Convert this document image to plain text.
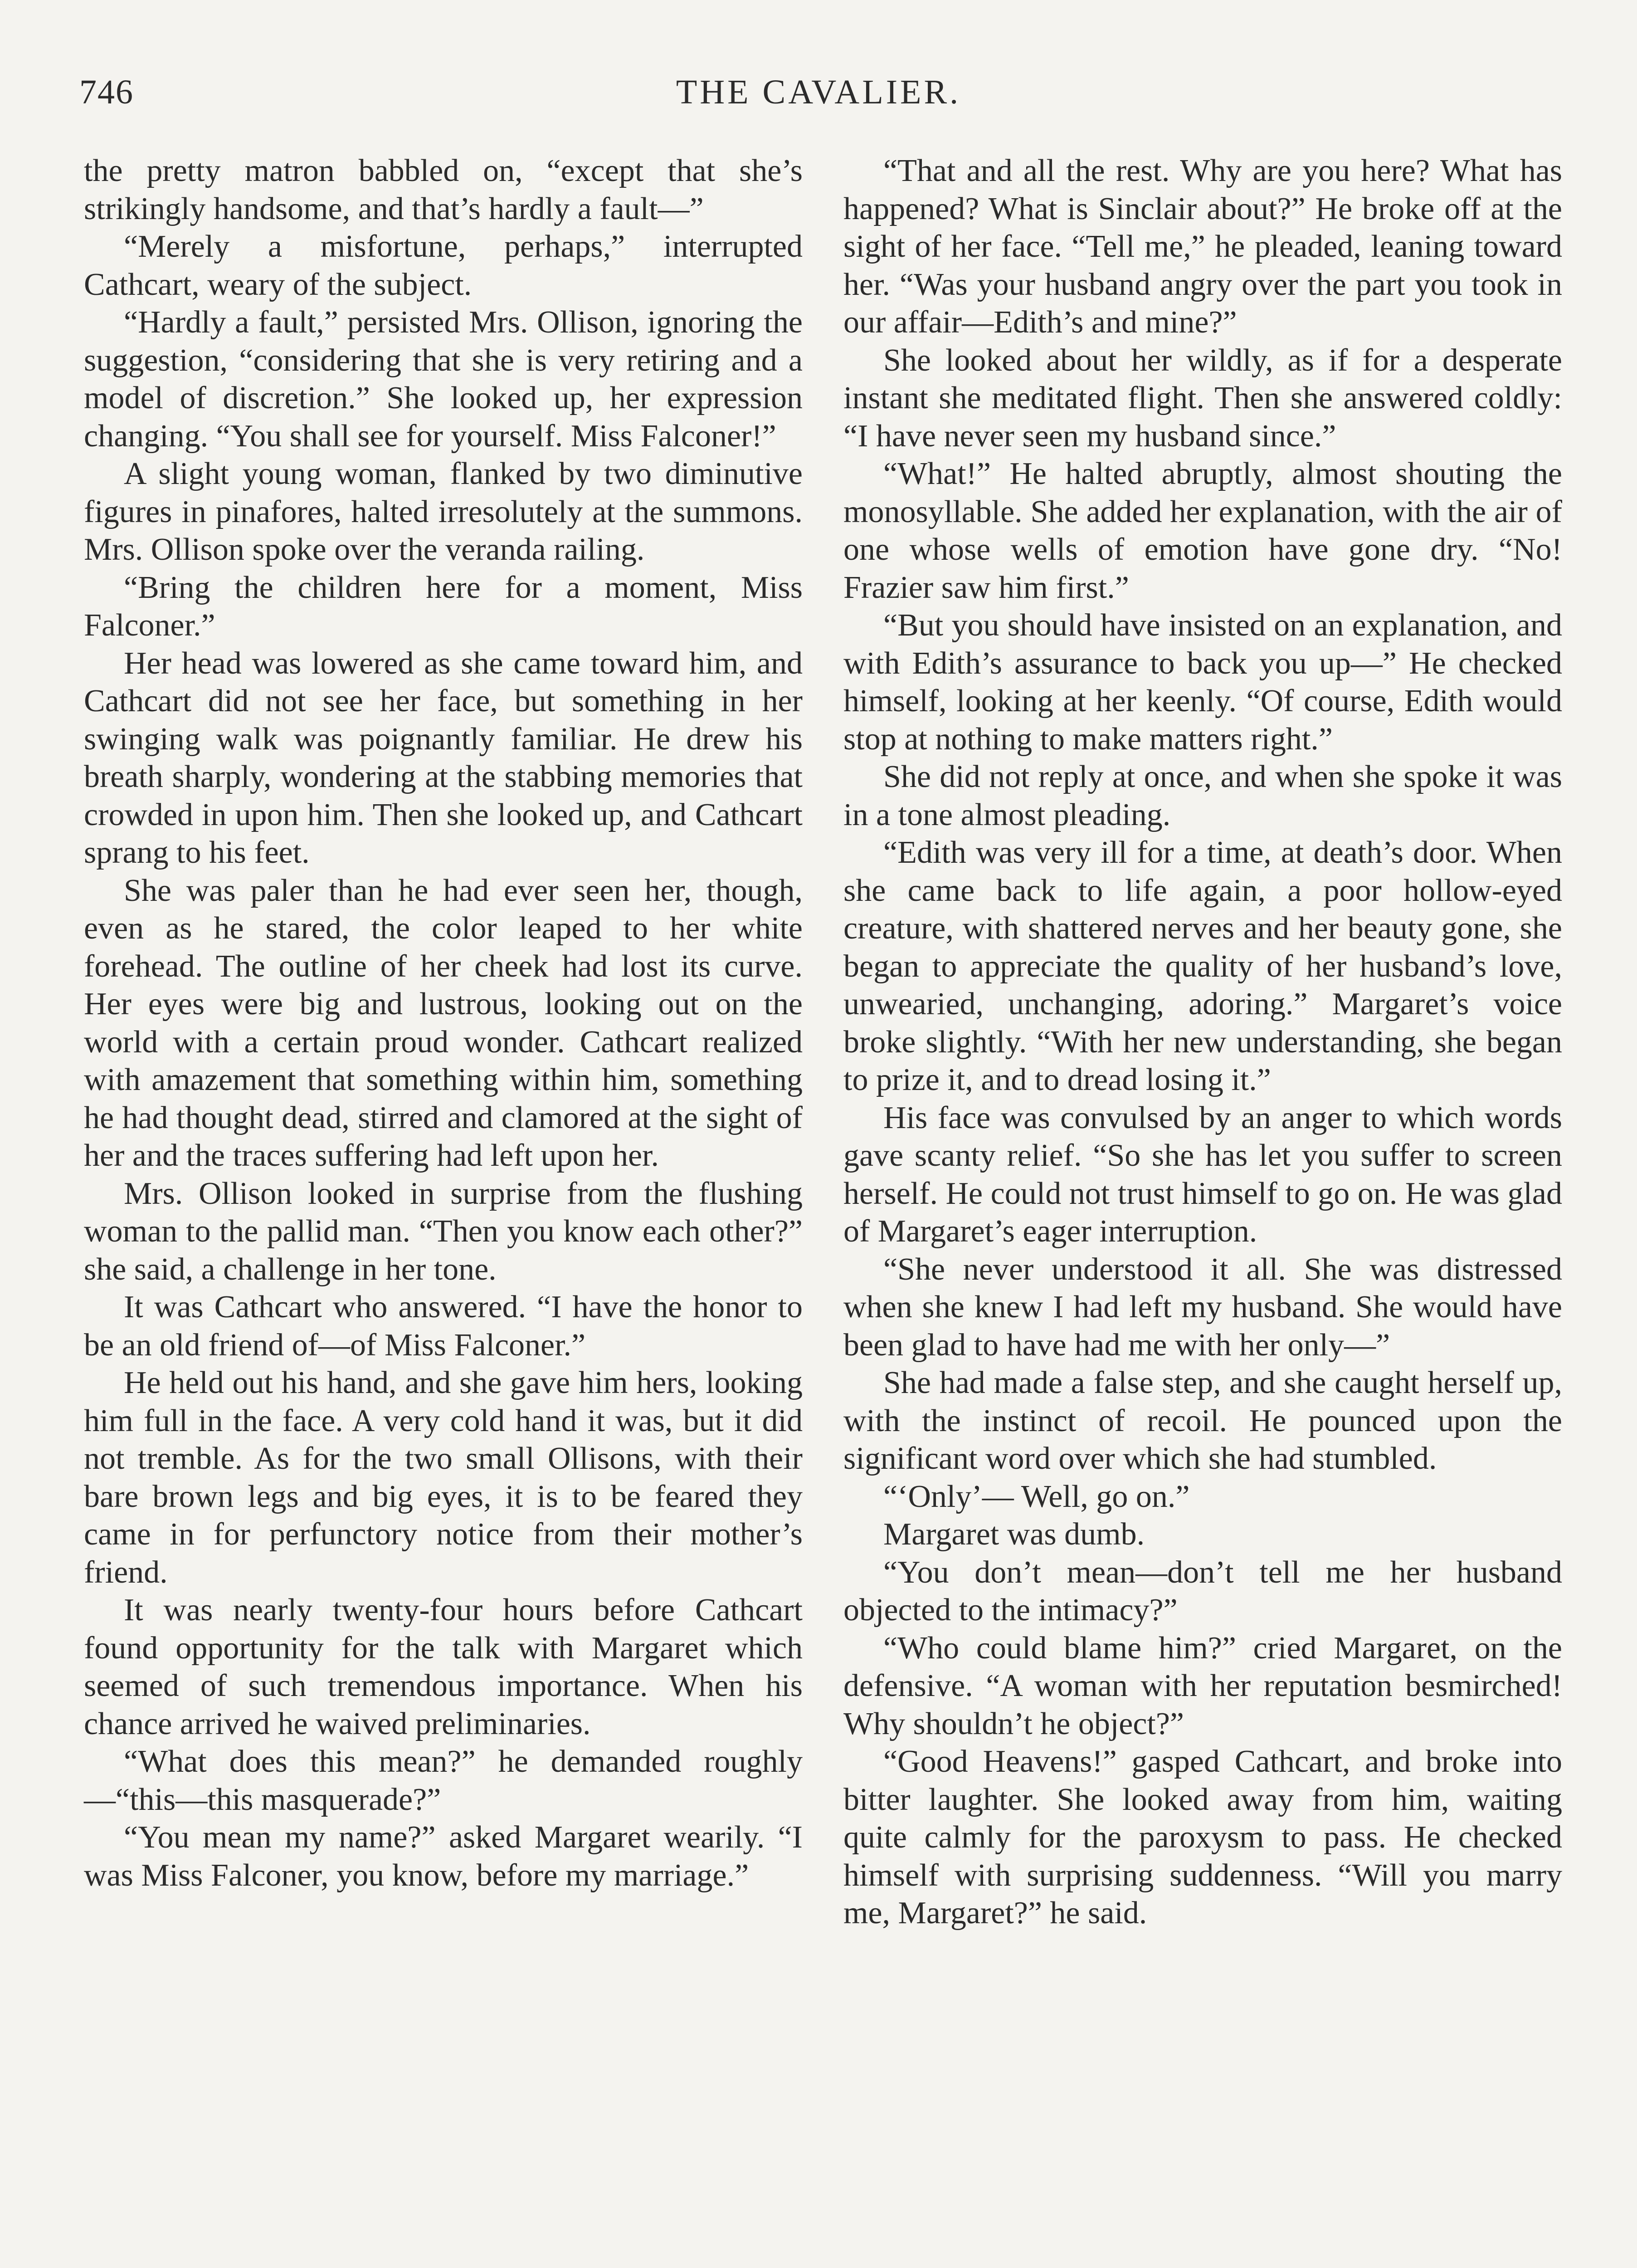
746	THE CAVALIER.

the pretty matron babbled on, “except that she’s strikingly handsome, and that’s hardly a fault—”

“Merely a misfortune, perhaps,” interrupted Cathcart, weary of the subject.

“Hardly a fault,” persisted Mrs. Ollison, ignoring the suggestion, “considering that she is very retiring and a model of discretion.” She looked up, her expression changing. “You shall see for yourself. Miss Falconer!”

A slight young woman, flanked by two diminutive figures in pinafores, halted irresolutely at the summons. Mrs. Ollison spoke over the veranda railing.

“Bring the children here for a moment, Miss Falconer.”

Her head was lowered as she came toward him, and Cathcart did not see her face, but something in her swinging walk was poignantly familiar. He drew his breath sharply, wondering at the stabbing memories that crowded in upon him. Then she looked up, and Cathcart sprang to his feet.

She was paler than he had ever seen her, though, even as he stared, the color leaped to her white forehead. The outline of her cheek had lost its curve. Her eyes were big and lustrous, looking out on the world with a certain proud wonder. Cathcart realized with amazement that something within him, something he had thought dead, stirred and clamored at the sight of her and the traces suffering had left upon her.

Mrs. Ollison looked in surprise from the flushing woman to the pallid man. “Then you know each other?” she said, a challenge in her tone.

It was Cathcart who answered. “I have the honor to be an old friend of—of Miss Falconer.”

He held out his hand, and she gave him hers, looking him full in the face. A very cold hand it was, but it did not tremble. As for the two small Ollisons, with their bare brown legs and big eyes, it is to be feared they came in for perfunctory notice from their mother’s friend.

It was nearly twenty-four hours before Cathcart found opportunity for the talk with Margaret which seemed of such tremendous importance. When his chance arrived he waived preliminaries.

“What does this mean?” he demanded roughly—“this—this masquerade?”

“You mean my name?” asked Margaret wearily. “I was Miss Falconer, you know, before my marriage.”

“That and all the rest. Why are you here? What has happened? What is Sinclair about?” He broke off at the sight of her face. “Tell me,” he pleaded, leaning toward her. “Was your husband angry over the part you took in our affair—Edith’s and mine?”

She looked about her wildly, as if for a desperate instant she meditated flight. Then she answered coldly: “I have never seen my husband since.”

“What!” He halted abruptly, almost shouting the monosyllable. She added her explanation, with the air of one whose wells of emotion have gone dry. “No! Frazier saw him first.”

“But you should have insisted on an explanation, and with Edith’s assurance to back you up—” He checked himself, looking at her keenly. “Of course, Edith would stop at nothing to make matters right.”

She did not reply at once, and when she spoke it was in a tone almost pleading.

“Edith was very ill for a time, at death’s door. When she came back to life again, a poor hollow-eyed creature, with shattered nerves and her beauty gone, she began to appreciate the quality of her husband’s love, unwearied, unchanging, adoring.” Margaret’s voice broke slightly. “With her new understanding, she began to prize it, and to dread losing it.”

His face was convulsed by an anger to which words gave scanty relief. “So she has let you suffer to screen herself. He could not trust himself to go on. He was glad of Margaret’s eager interruption.

“She never understood it all. She was distressed when she knew I had left my husband. She would have been glad to have had me with her only—”

She had made a false step, and she caught herself up, with the instinct of recoil. He pounced upon the significant word over which she had stumbled.

“‘Only’— Well, go on.”

Margaret was dumb.

“You don’t mean—don’t tell me her husband objected to the intimacy?”

“Who could blame him?” cried Margaret, on the defensive. “A woman with her reputation besmirched! Why shouldn’t he object?”

“Good Heavens!” gasped Cathcart, and broke into bitter laughter. She looked away from him, waiting quite calmly for the paroxysm to pass. He checked himself with surprising suddenness. “Will you marry me, Margaret?” he said.
